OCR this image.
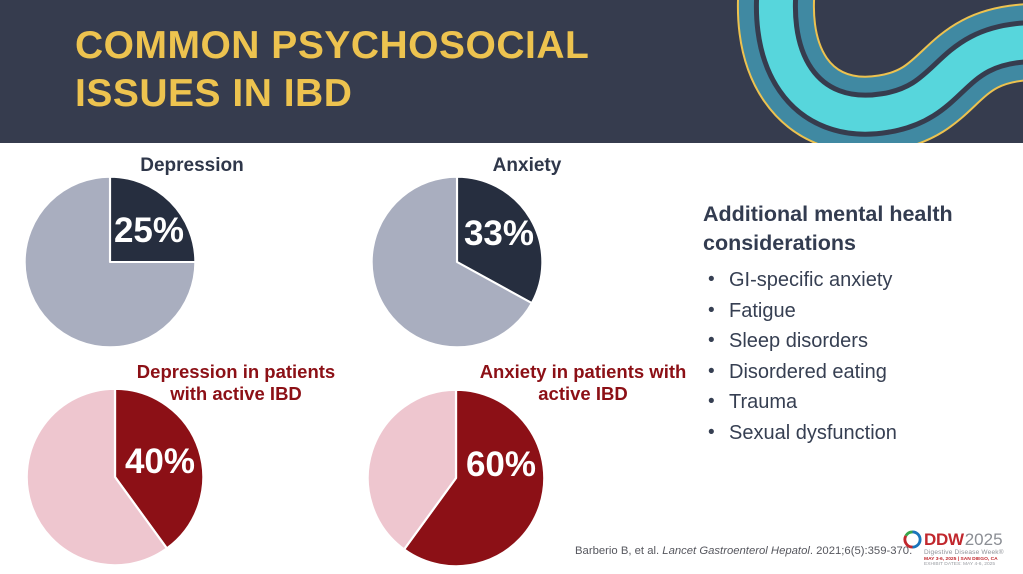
COMMON PSYCHOSOCIAL
ISSUES IN IBD
Depression	Anxiety
Depression in patients with active IBD
Anxiety in patients with active IBD
25%	33%
40%	60%
Additional mental health considerations
• GI-specific anxiety
• Fatigue
• Sleep disorders
• Disordered eating
• Trauma
• Sexual dysfunction
Barberio B, et al. Lancet Gastroenterol Hepatol. 2021;6(5):359-370.
DDW 2025
Digestive Disease Week®
MAY 3-6, 2025 | SAN DIEGO, CA
EXHIBIT DATES: MAY 4-6, 2025
